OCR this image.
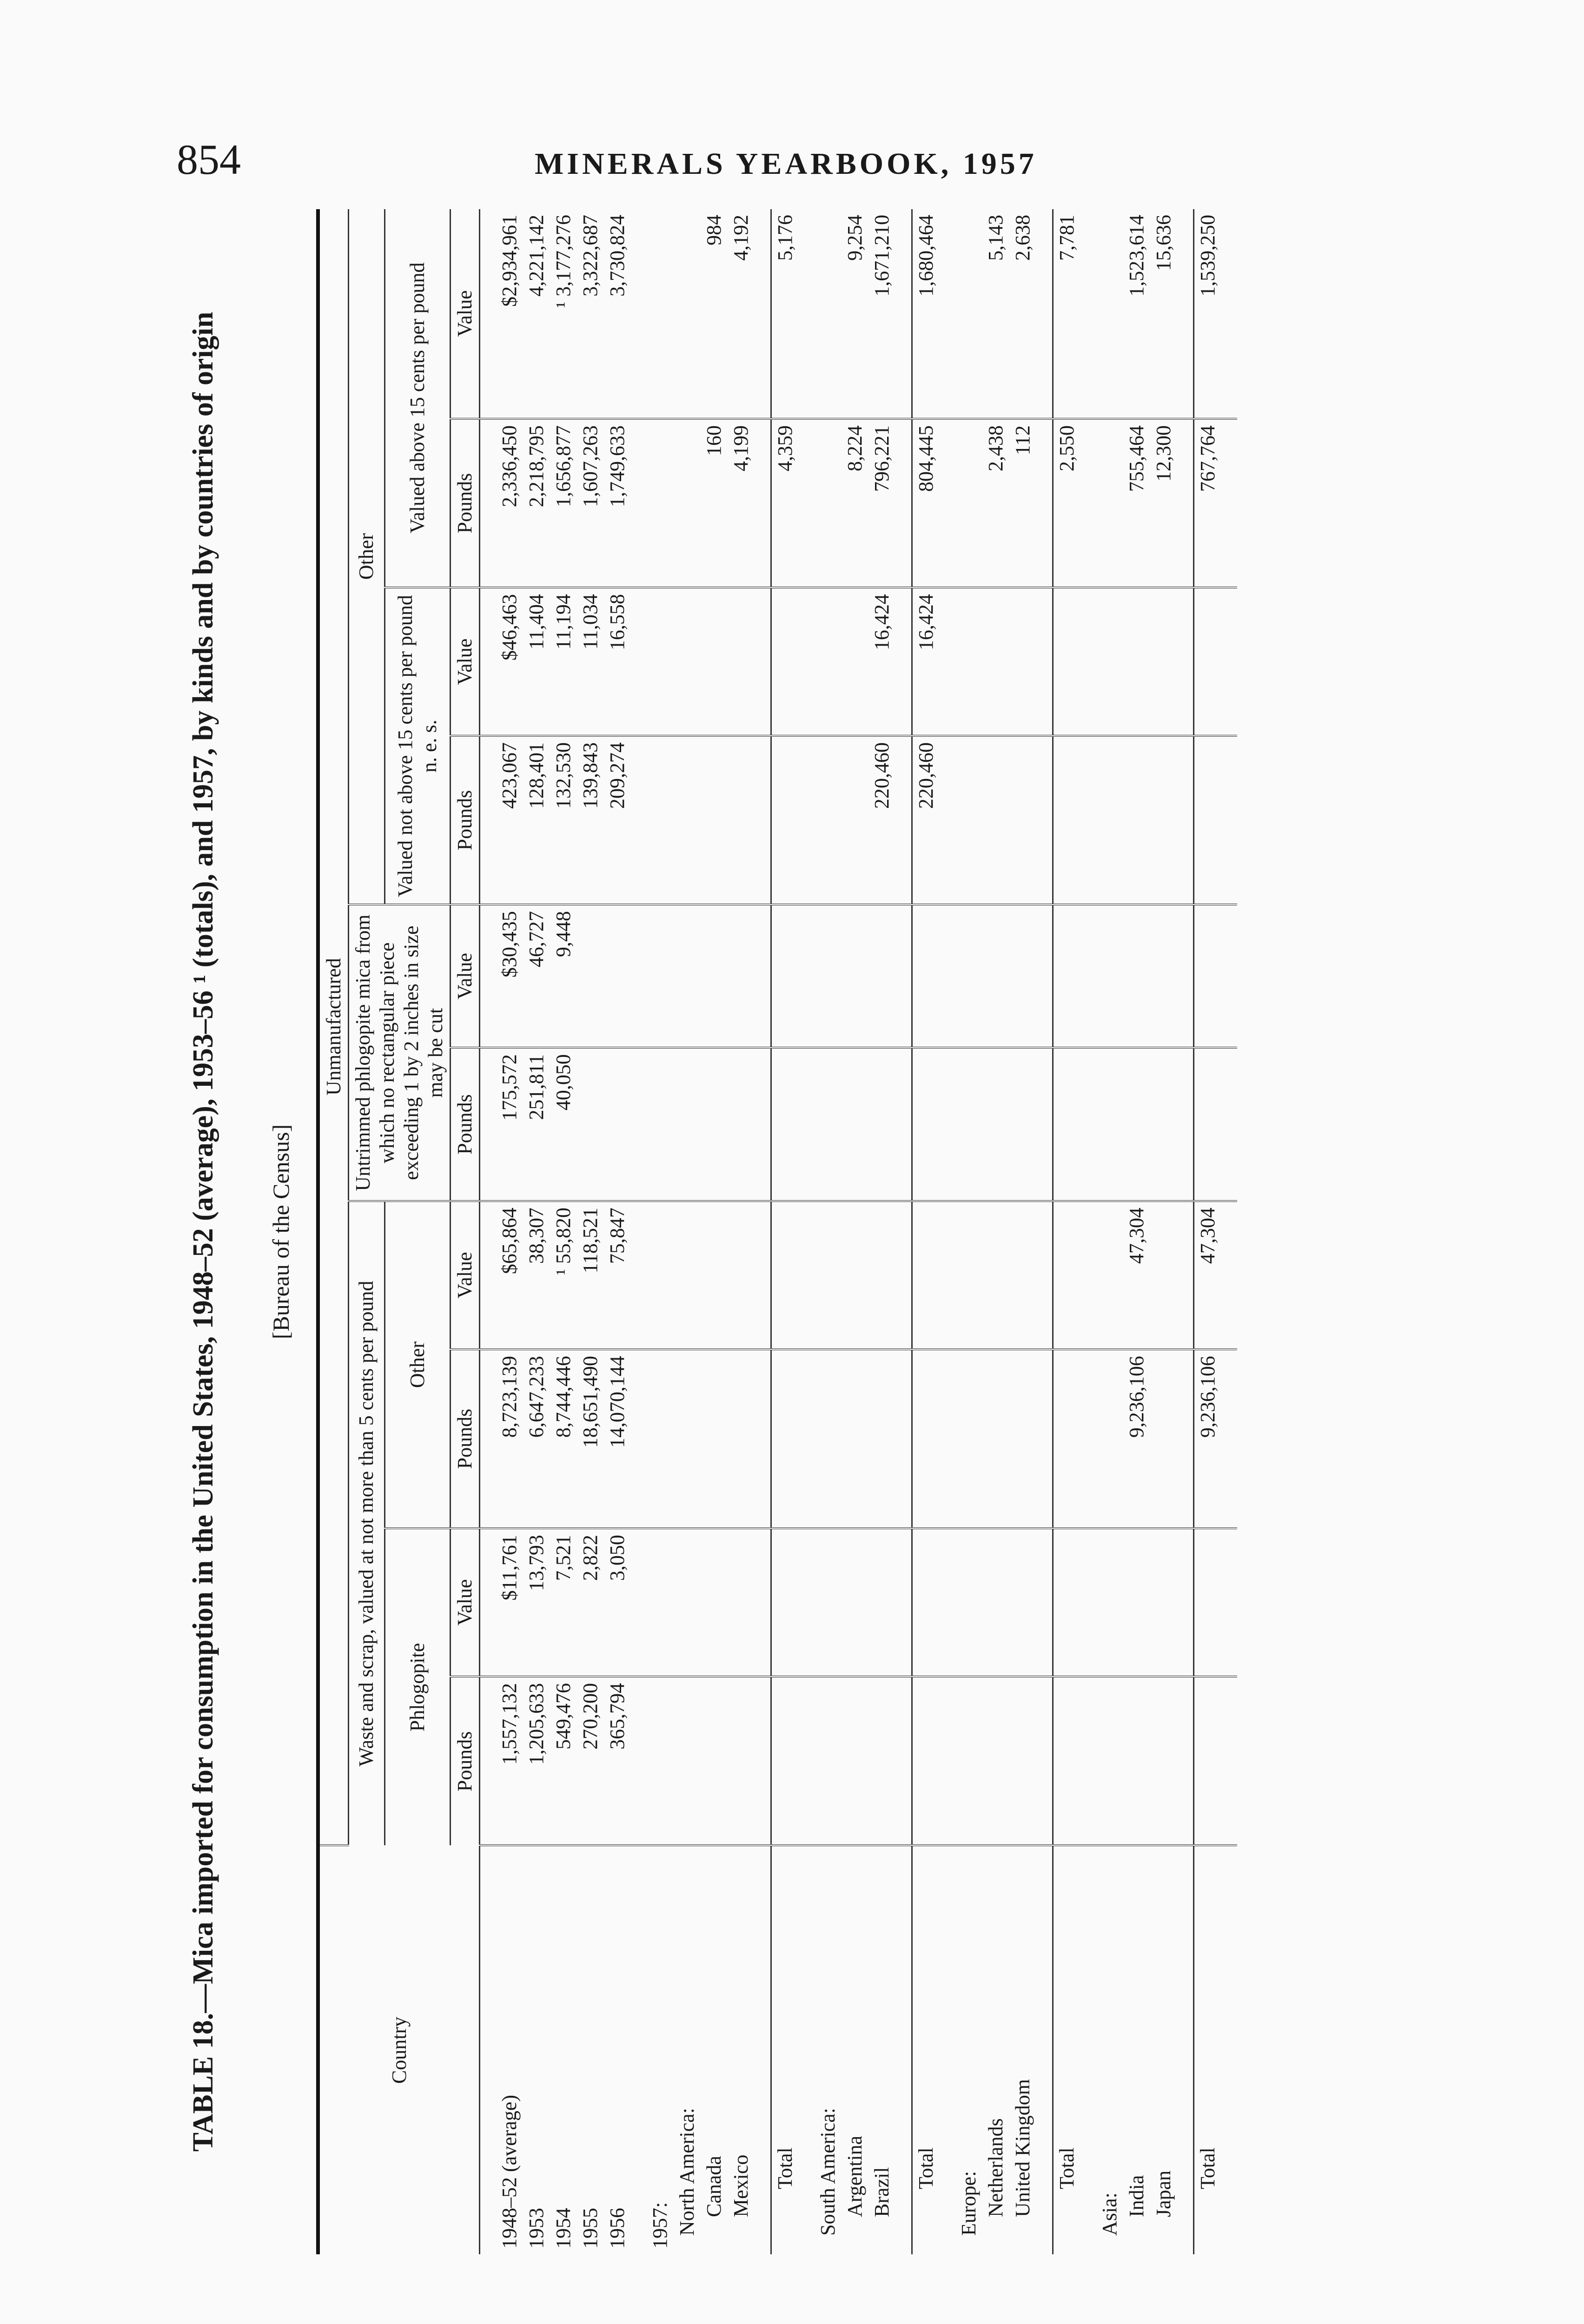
854	MINERALS YEARBOOK, 1957
TABLE 18.—Mica imported for consumption in the United States, 1948–52 (average), 1953–56 ¹ (totals), and 1957, by kinds and by countries of origin [Bureau of the Census]
Country	Unmanufactured									
	Waste and scrap, valued at not more than 5 cents per pound				Untrimmed phlogopite mica from which no rectangular piece exceeding 1 by 2 inches in size may be cut		Other			
	Phlogopite		Other				Valued not above 15 cents per pound n. e. s.		Valued above 15 cents per pound	
	Pounds	Value	Pounds	Value	Pounds	Value	Pounds	Value	Pounds	Value

1948–52 (average)	1,557,132	$11,761	8,723,139	$65,864	175,572	$30,435	423,067	$46,463	2,336,450	$2,934,961
1953	1,205,633	13,793	6,647,233	38,307	251,811	46,727	128,401	11,404	2,218,795	4,221,142
1954	549,476	7,521	8,744,446	¹ 55,820	40,050	9,448	132,530	11,194	1,656,877	¹ 3,177,276
1955	270,200	2,822	18,651,490	118,521			139,843	11,034	1,607,263	3,322,687
1956	365,794	3,050	14,070,144	75,847			209,274	16,558	1,749,633	3,730,824

1957:										
North America:										
Canada									160	984
Mexico									4,199	4,192

Total									4,359	5,176

South America:										
Argentina									8,224	9,254
Brazil							220,460	16,424	796,221	1,671,210

Total							220,460	16,424	804,445	1,680,464

Europe:										
Netherlands									2,438	5,143
United Kingdom									112	2,638

Total									2,550	7,781

Asia:										
India			9,236,106	47,304					755,464	1,523,614
Japan									12,300	15,636

Total			9,236,106	47,304					767,764	1,539,250
